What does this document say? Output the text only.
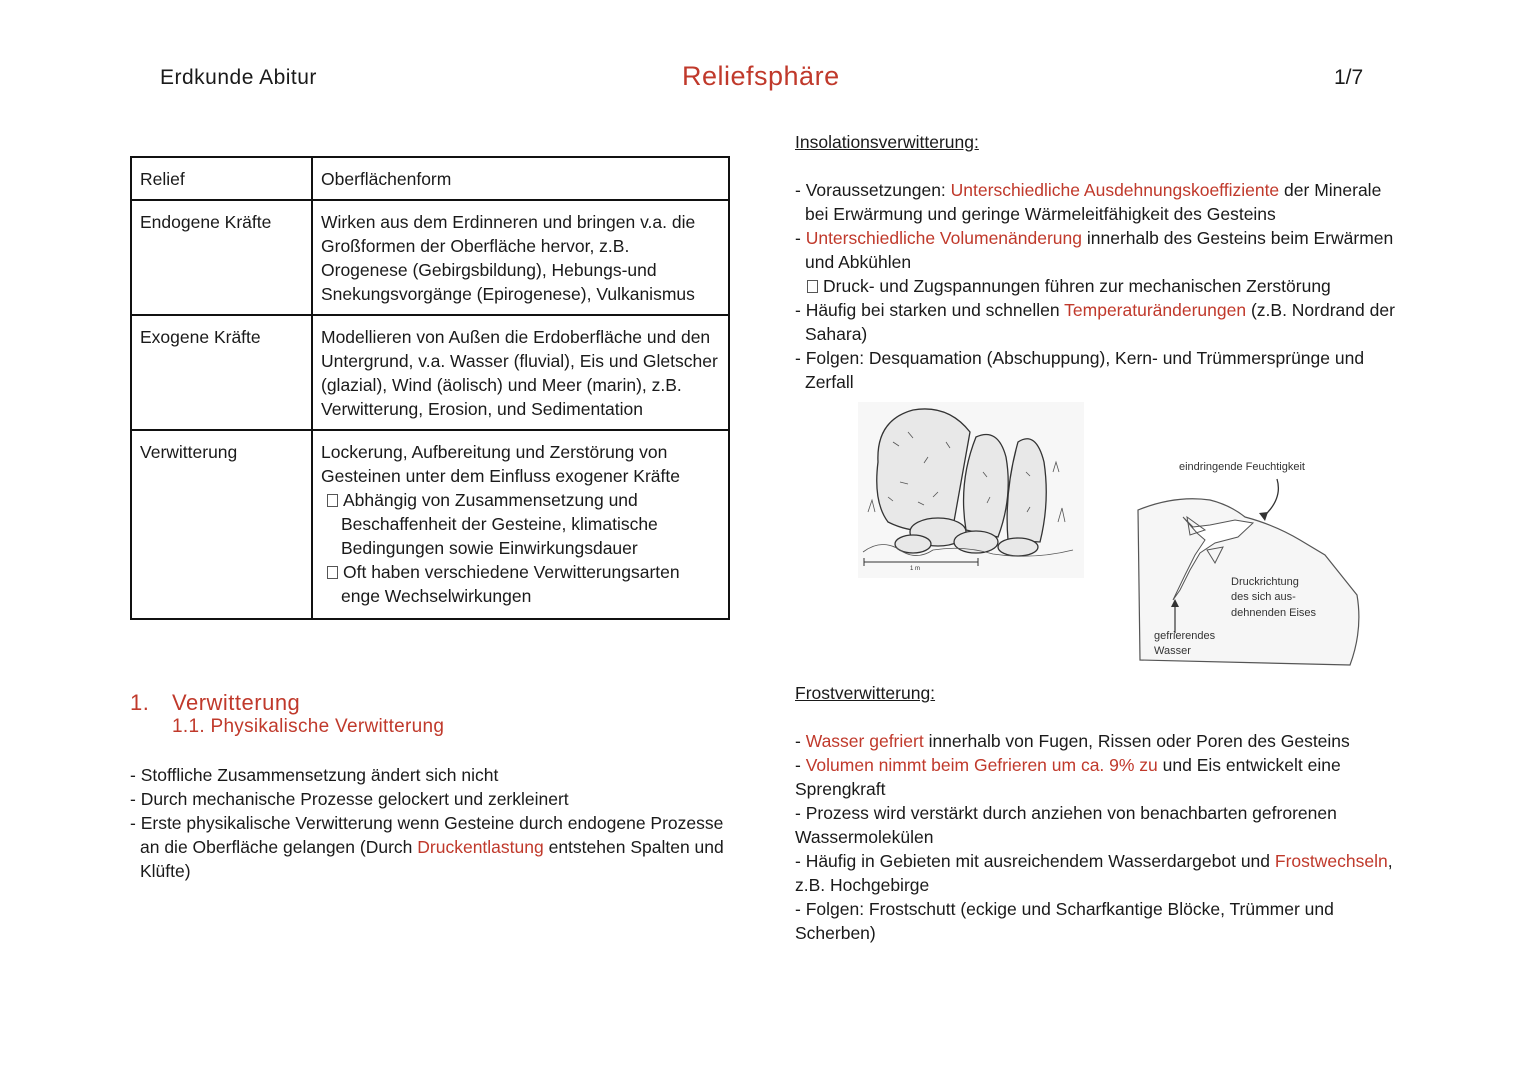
Erdkunde Abitur	Reliefsphäre	1/7
Relief	Oberflächenform
Endogene Kräfte	Wirken aus dem Erdinneren und bringen v.a. die Großformen der Oberfläche hervor, z.B. Orogenese (Gebirgsbildung), Hebungs-und Snekungsvorgänge (Epirogenese), Vulkanismus
Exogene Kräfte	Modellieren von Außen die Erdoberfläche und den Untergrund, v.a. Wasser (fluvial), Eis und Gletscher (glazial), Wind (äolisch) und Meer (marin), z.B. Verwitterung, Erosion, und Sedimentation
Verwitterung	Lockerung, Aufbereitung und Zerstörung von Gesteinen unter dem Einfluss exogener Kräfte
Abhängig von Zusammensetzung und Beschaffenheit der Gesteine, klimatische Bedingungen sowie Einwirkungsdauer
Oft haben verschiedene Verwitterungsarten enge Wechselwirkungen
1. Verwitterung
1.1. Physikalische Verwitterung
- Stoffliche Zusammensetzung ändert sich nicht
- Durch mechanische Prozesse gelockert und zerkleinert
- Erste physikalische Verwitterung wenn Gesteine durch endogene Prozesse an die Oberfläche gelangen (Durch Druckentlastung entstehen Spalten und Klüfte)
Insolationsverwitterung:
- Voraussetzungen: Unterschiedliche Ausdehnungskoeffiziente der Minerale bei Erwärmung und geringe Wärmeleitfähigkeit des Gesteins
- Unterschiedliche Volumenänderung innerhalb des Gesteins beim Erwärmen und Abkühlen
Druck- und Zugspannungen führen zur mechanischen Zerstörung
- Häufig bei starken und schnellen Temperaturänderungen (z.B. Nordrand der Sahara)
- Folgen: Desquamation (Abschuppung), Kern- und Trümmersprünge und Zerfall
1 m
eindringende Feuchtigkeit
Druckrichtung
des sich aus-
dehnenden Eises
gefrierendes
Wasser
Frostverwitterung:
- Wasser gefriert innerhalb von Fugen, Rissen oder Poren des Gesteins
- Volumen nimmt beim Gefrieren um ca. 9% zu und Eis entwickelt eine Sprengkraft
- Prozess wird verstärkt durch anziehen von benachbarten gefrorenen Wassermolekülen
- Häufig in Gebieten mit ausreichendem Wasserdargebot und Frostwechseln, z.B. Hochgebirge
- Folgen: Frostschutt (eckige und Scharfkantige Blöcke, Trümmer und Scherben)
